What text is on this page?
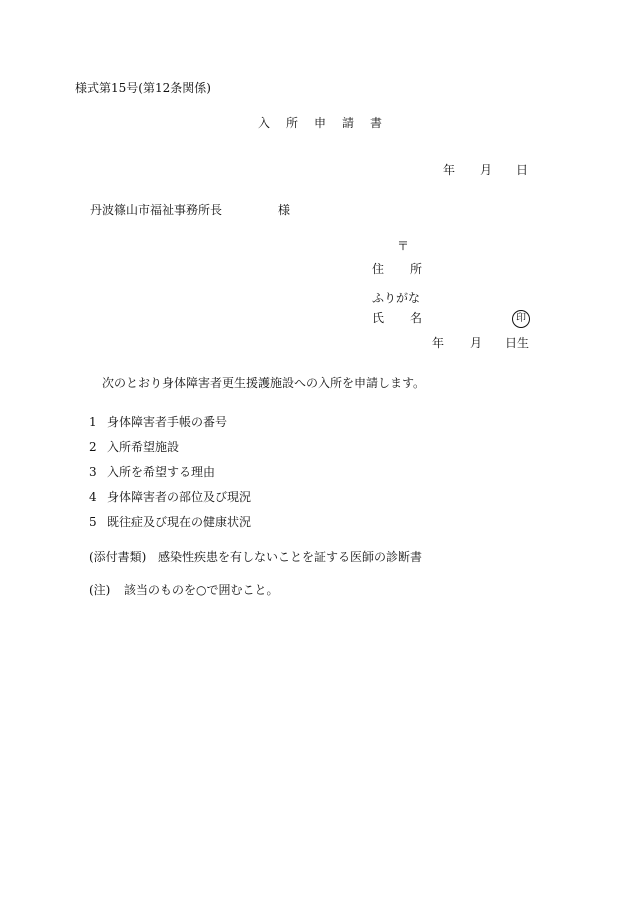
様式第15号(第12条関係)
入　所　申　請　書
年 月 日
丹波篠山市福祉事務所長	様
〒
住 所
ふりがな
氏 名	印
年 月 日生
次のとおり身体障害者更生援護施設への入所を申請します。
1 身体障害者手帳の番号
2 入所希望施設
3 入所を希望する理由
4 身体障害者の部位及び現況
5 既往症及び現在の健康状況
(添付書類) 感染性疾患を有しないことを証する医師の診断書
(注) 該当のものを○で囲むこと。
